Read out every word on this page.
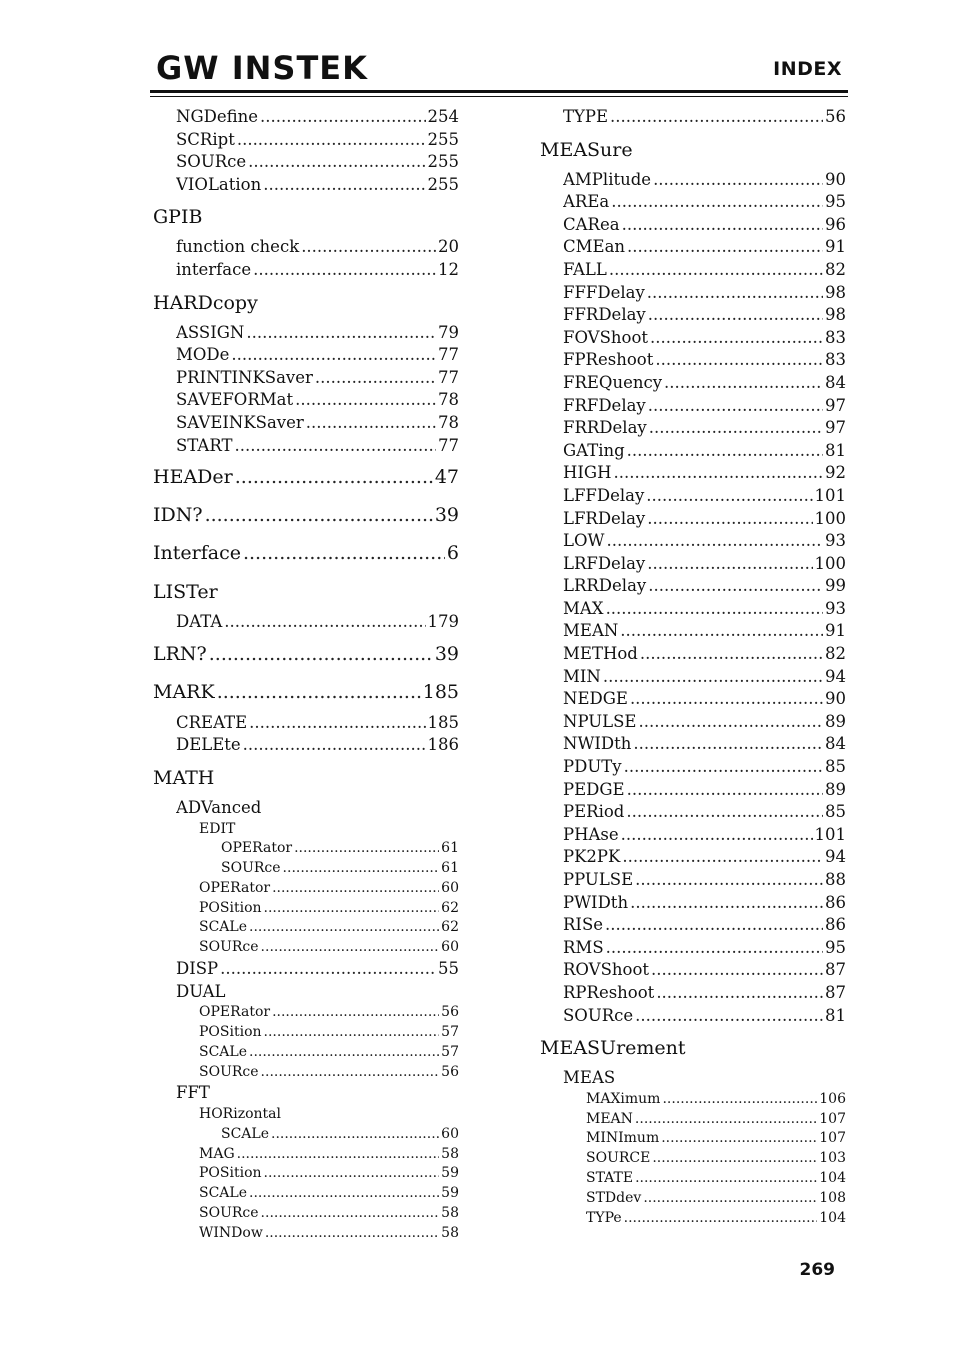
GW INSTEK	INDEX
NGDefine .....	254
SCRipt .....	255
SOURce .....	255
VIOLation .....	255
GPIB
function check .....	20
interface .....	12
HARDcopy
ASSIGN .....	79
MODe .....	77
PRINTINKSaver .....	77
SAVEFORMat .....	78
SAVEINKSaver .....	78
START .....	77
HEADer .....	47
IDN? .....	39
Interface .....	6
LISTer
DATA .....	179
LRN? .....	39
MARK .....	185
CREATE .....	185
DELEte .....	186
MATH
ADVanced
EDIT
OPERator .....	61
SOURce .....	61
OPERator .....	60
POSition .....	62
SCALe .....	62
SOURce .....	60
DISP .....	55
DUAL
OPERator .....	56
POSition .....	57
SCALe .....	57
SOURce .....	56
FFT
HORizontal
SCALe .....	60
MAG .....	58
POSition .....	59
SCALe .....	59
SOURce .....	58
WINDow .....	58
TYPE .....	56
MEASure
AMPlitude .....	90
AREa .....	95
CARea .....	96
CMEan .....	91
FALL .....	82
FFFDelay .....	98
FFRDelay .....	98
FOVShoot .....	83
FPReshoot .....	83
FREQuency .....	84
FRFDelay .....	97
FRRDelay .....	97
GATing .....	81
HIGH .....	92
LFFDelay .....	101
LFRDelay .....	100
LOW .....	93
LRFDelay .....	100
LRRDelay .....	99
MAX .....	93
MEAN .....	91
METHod .....	82
MIN .....	94
NEDGE .....	90
NPULSE .....	89
NWIDth .....	84
PDUTy .....	85
PEDGE .....	89
PERiod .....	85
PHAse .....	101
PK2PK .....	94
PPULSE .....	88
PWIDth .....	86
RISe .....	86
RMS .....	95
ROVShoot .....	87
RPReshoot .....	87
SOURce .....	81
MEASUrement
MEAS
MAXimum .....	106
MEAN .....	107
MINImum .....	107
SOURCE .....	103
STATE .....	104
STDdev .....	108
TYPe .....	104
269
